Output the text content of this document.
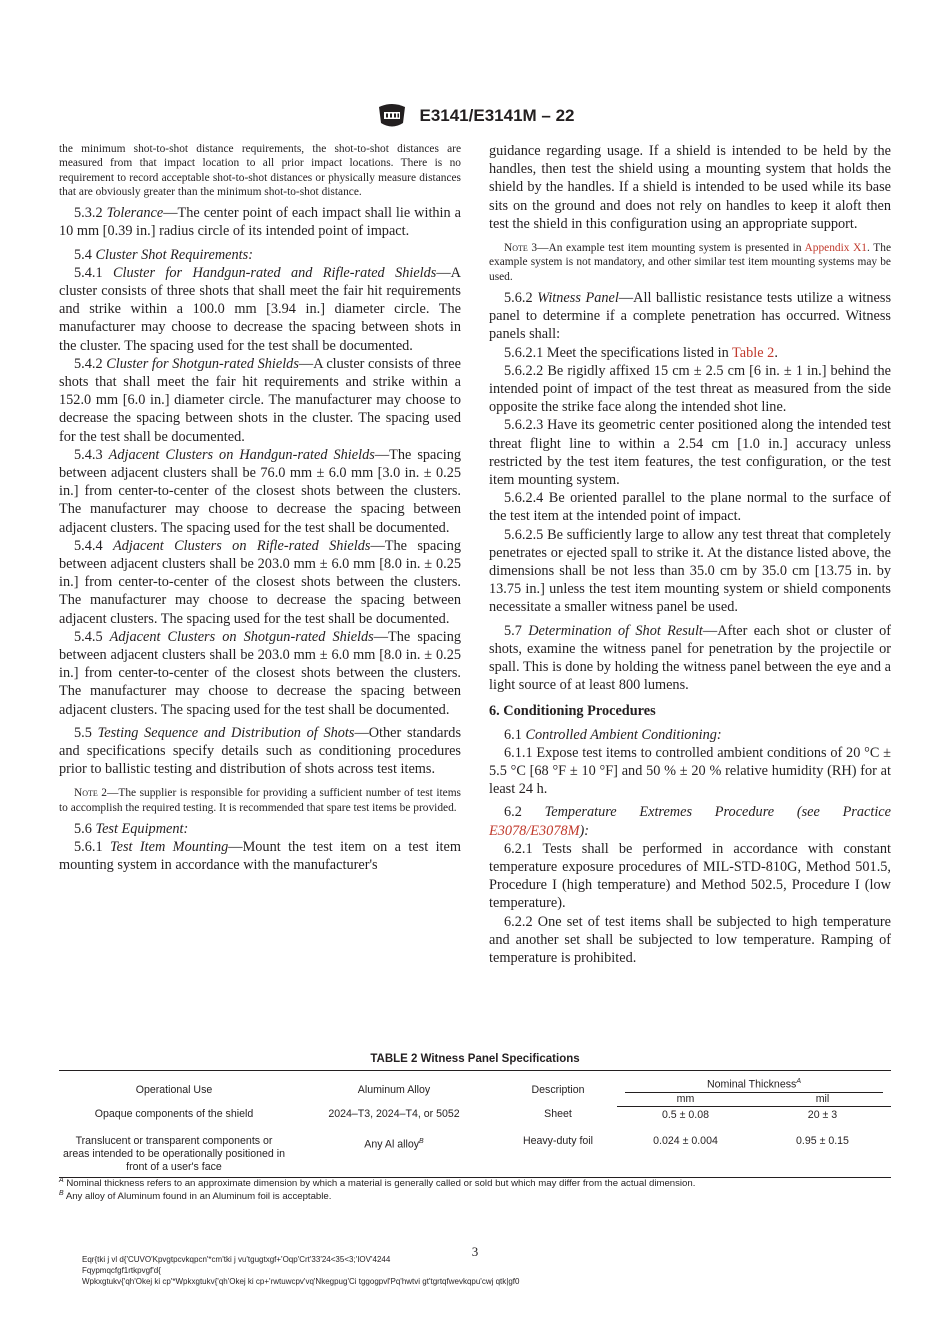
E3141/E3141M – 22

the minimum shot-to-shot distance requirements, the shot-to-shot distances are measured from that impact location to all prior impact locations. There is no requirement to record acceptable shot-to-shot distances or physically measure distances that are obviously greater than the minimum shot-to-shot distance.

5.3.2 Tolerance—The center point of each impact shall lie within a 10 mm [0.39 in.] radius circle of its intended point of impact.

5.4 Cluster Shot Requirements:

5.4.1 Cluster for Handgun-rated and Rifle-rated Shields—A cluster consists of three shots that shall meet the fair hit requirements and strike within a 100.0 mm [3.94 in.] diameter circle. The manufacturer may choose to decrease the spacing between shots in the cluster. The spacing used for the test shall be documented.

5.4.2 Cluster for Shotgun-rated Shields—A cluster consists of three shots that shall meet the fair hit requirements and strike within a 152.0 mm [6.0 in.] diameter circle. The manufacturer may choose to decrease the spacing between shots in the cluster. The spacing used for the test shall be documented.

5.4.3 Adjacent Clusters on Handgun-rated Shields—The spacing between adjacent clusters shall be 76.0 mm ± 6.0 mm [3.0 in. ± 0.25 in.] from center-to-center of the closest shots between the clusters. The manufacturer may choose to decrease the spacing between adjacent clusters. The spacing used for the test shall be documented.

5.4.4 Adjacent Clusters on Rifle-rated Shields—The spacing between adjacent clusters shall be 203.0 mm ± 6.0 mm [8.0 in. ± 0.25 in.] from center-to-center of the closest shots between the clusters. The manufacturer may choose to decrease the spacing between adjacent clusters. The spacing used for the test shall be documented.

5.4.5 Adjacent Clusters on Shotgun-rated Shields—The spacing between adjacent clusters shall be 203.0 mm ± 6.0 mm [8.0 in. ± 0.25 in.] from center-to-center of the closest shots between the clusters. The manufacturer may choose to decrease the spacing between adjacent clusters. The spacing used for the test shall be documented.

5.5 Testing Sequence and Distribution of Shots—Other standards and specifications specify details such as conditioning procedures prior to ballistic testing and distribution of shots across test items.

Note 2—The supplier is responsible for providing a sufficient number of test items to accomplish the required testing. It is recommended that spare test items be provided.

5.6 Test Equipment:

5.6.1 Test Item Mounting—Mount the test item on a test item mounting system in accordance with the manufacturer's

guidance regarding usage. If a shield is intended to be held by the handles, then test the shield using a mounting system that holds the shield by the handles. If a shield is intended to be used while its base sits on the ground and does not rely on handles to keep it aloft then test the shield in this configuration using an appropriate support.

Note 3—An example test item mounting system is presented in Appendix X1. The example system is not mandatory, and other similar test item mounting systems may be used.

5.6.2 Witness Panel—All ballistic resistance tests utilize a witness panel to determine if a complete penetration has occurred. Witness panels shall:

5.6.2.1 Meet the specifications listed in Table 2.

5.6.2.2 Be rigidly affixed 15 cm ± 2.5 cm [6 in. ± 1 in.] behind the intended point of impact of the test threat as measured from the side opposite the strike face along the intended shot line.

5.6.2.3 Have its geometric center positioned along the intended test threat flight line to within a 2.54 cm [1.0 in.] accuracy unless restricted by the test item features, the test configuration, or the test item mounting system.

5.6.2.4 Be oriented parallel to the plane normal to the surface of the test item at the intended point of impact.

5.6.2.5 Be sufficiently large to allow any test threat that completely penetrates or ejected spall to strike it. At the distance listed above, the dimensions shall be not less than 35.0 cm by 35.0 cm [13.75 in. by 13.75 in.] unless the test item mounting system or shield components necessitate a smaller witness panel be used.

5.7 Determination of Shot Result—After each shot or cluster of shots, examine the witness panel for penetration by the projectile or spall. This is done by holding the witness panel between the eye and a light source of at least 800 lumens.

6. Conditioning Procedures

6.1 Controlled Ambient Conditioning:

6.1.1 Expose test items to controlled ambient conditions of 20 °C ± 5.5 °C [68 °F ± 10 °F] and 50 % ± 20 % relative humidity (RH) for at least 24 h.

6.2 Temperature Extremes Procedure (see Practice E3078/E3078M):

6.2.1 Tests shall be performed in accordance with constant temperature exposure procedures of MIL-STD-810G, Method 501.5, Procedure I (high temperature) and Method 502.5, Procedure I (low temperature).

6.2.2 One set of test items shall be subjected to high temperature and another set shall be subjected to low temperature. Ramping of temperature is prohibited.

TABLE 2 Witness Panel Specifications
Operational Use	Aluminum Alloy	Description	Nominal Thickness$^A$

			mm	mil
Opaque components of the shield	2024–T3, 2024–T4, or 5052	Sheet	0.5 ± 0.08	20 ± 3
Translucent or transparent components or areas intended to be operationally positioned in front of a user's face	Any Al alloy$^B$	Heavy-duty foil	0.024 ± 0.004	0.95 ± 0.15
$^A$ Nominal thickness refers to an approximate dimension by which a material is generally called or sold but which may differ from the actual dimension.
$^B$ Any alloy of Aluminum found in an Aluminum foil is acceptable.
3
Eqr{tki j vl d{'CUVO'Kpvgtpcvkqpcn'*cm'tki j vu'tgugtxgf+'Oqp'Crt'33'24<35<3;'IOV'4244
Fqypmqcfgf1rtkpvgf'd{
Wpkxgtukv{'qh'Okej ki cp'*Wpkxgtukv{'qh'Okej ki cp+'rwtuwcpv'vq'Nkegpug'Ci tggogpvl'Pq'hwtvi gt'tgrtqfwevkqpu'cwj qtk|gf0
